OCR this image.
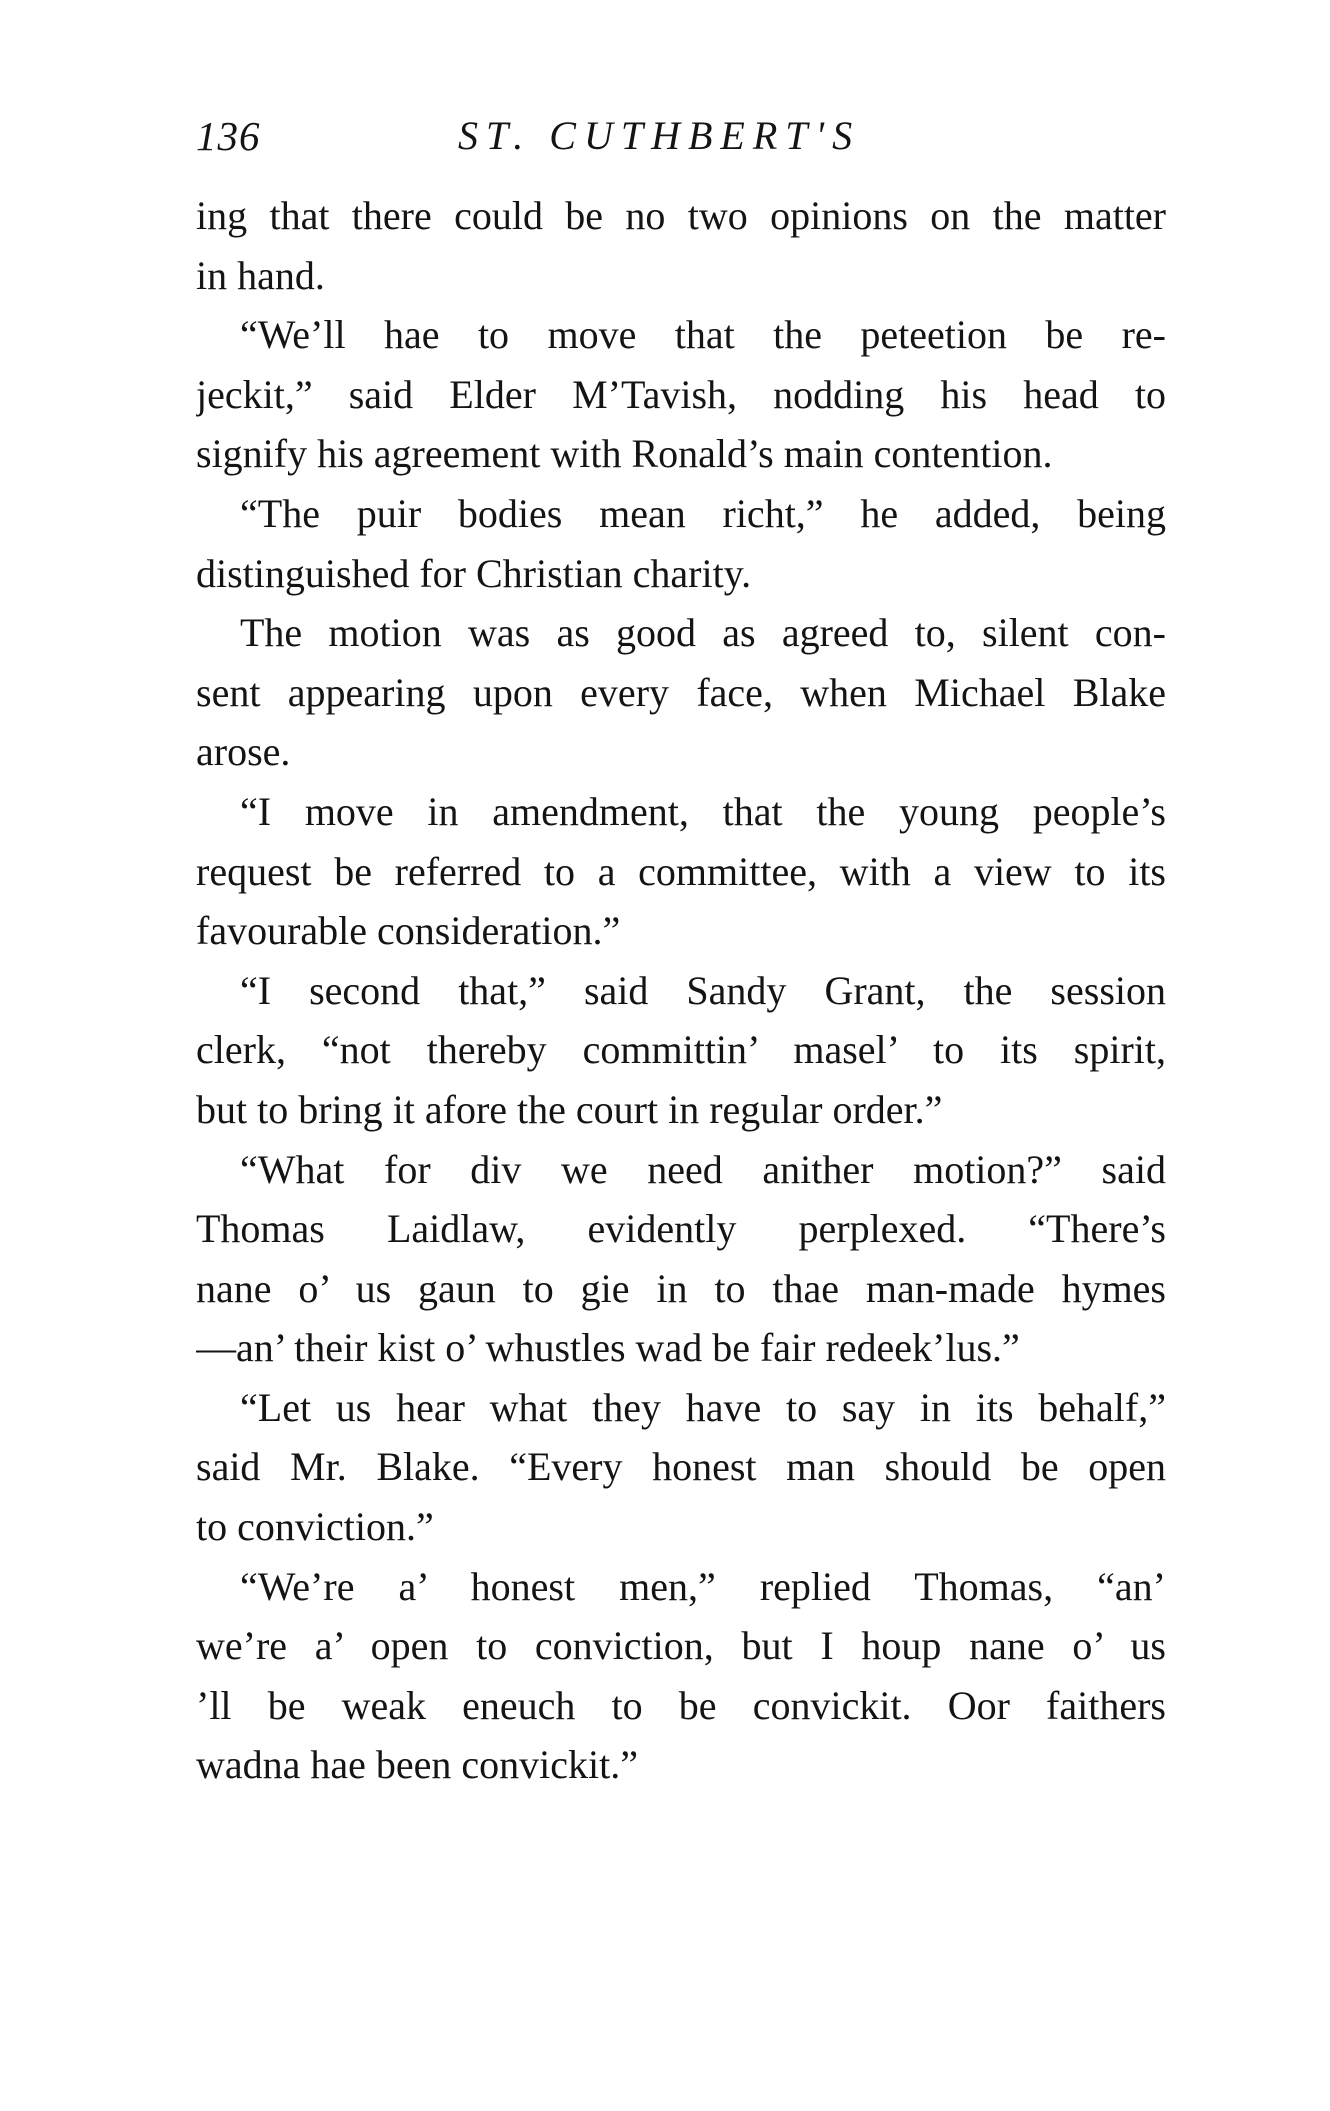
136	ST. CUTHBERT'S
ing that there could be no two opinions on the matter
in hand.
“We’ll hae to move that the peteetion be re-
jeckit,” said Elder M’Tavish, nodding his head to
signify his agreement with Ronald’s main contention.
“The puir bodies mean richt,” he added, being
distinguished for Christian charity.
The motion was as good as agreed to, silent con-
sent appearing upon every face, when Michael Blake
arose.
“I move in amendment, that the young people’s
request be referred to a committee, with a view to its
favourable consideration.”
“I second that,” said Sandy Grant, the session
clerk, “not thereby committin’ masel’ to its spirit,
but to bring it afore the court in regular order.”
“What for div we need anither motion?” said
Thomas Laidlaw, evidently perplexed. “There’s
nane o’ us gaun to gie in to thae man-made hymes
—an’ their kist o’ whustles wad be fair redeek’lus.”
“Let us hear what they have to say in its behalf,”
said Mr. Blake. “Every honest man should be open
to conviction.”
“We’re a’ honest men,” replied Thomas, “an’
we’re a’ open to conviction, but I houp nane o’ us
’ll be weak eneuch to be convickit. Oor faithers
wadna hae been convickit.”
